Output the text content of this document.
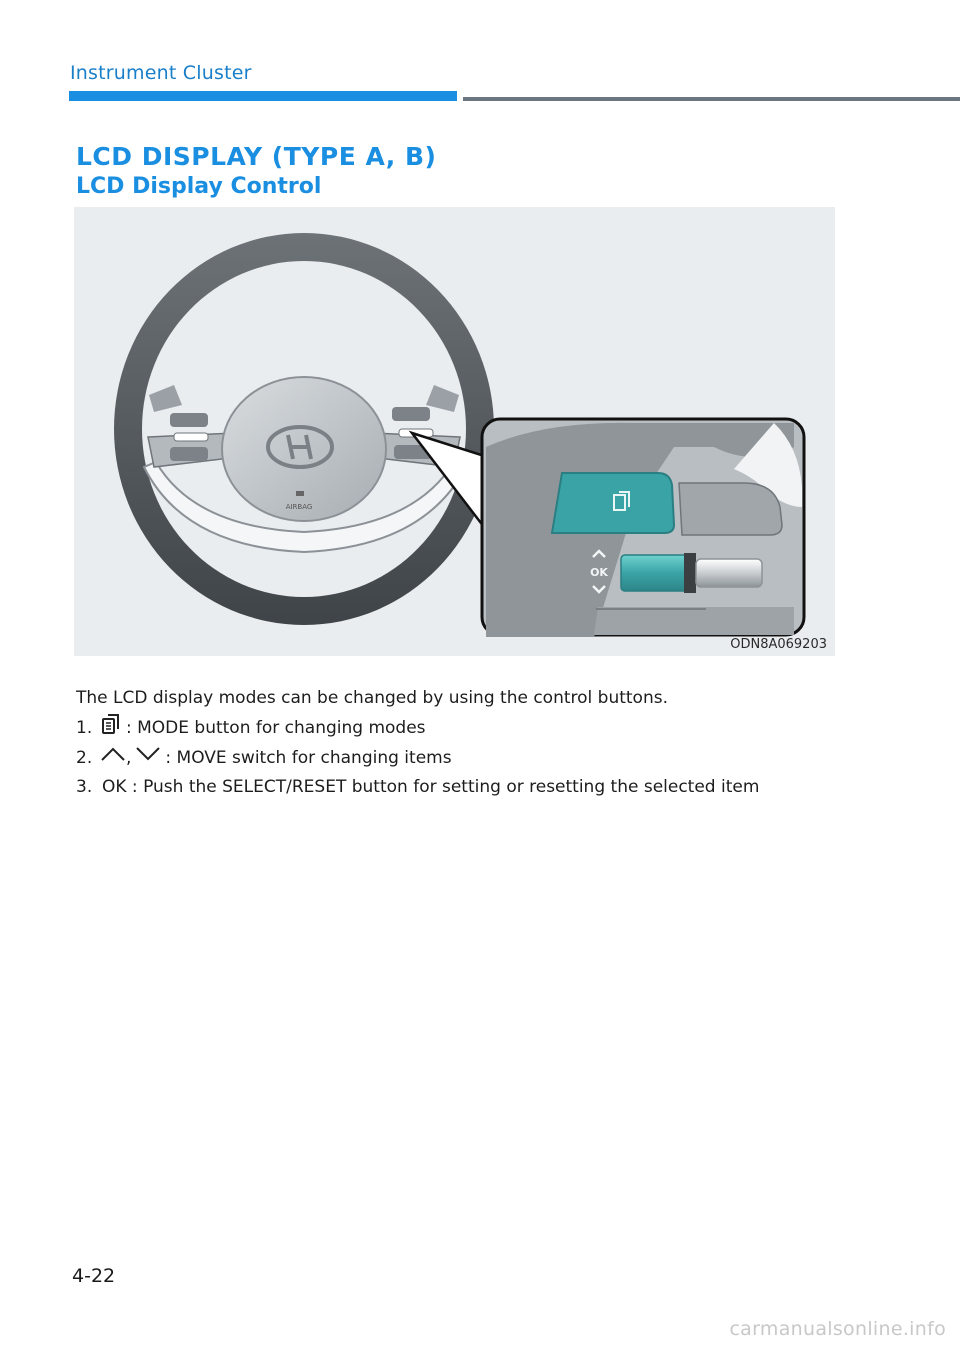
Instrument Cluster
LCD DISPLAY (TYPE A, B)
LCD Display Control
AIRBAG
OK
ODN8A069203

The LCD display modes can be changed by using the control buttons.

1.	: MODE button for changing modes
2.	, : MOVE switch for changing items
3. OK : Push the SELECT/RESET button for setting or resetting the selected item
4-22
carmanualsonline.info
